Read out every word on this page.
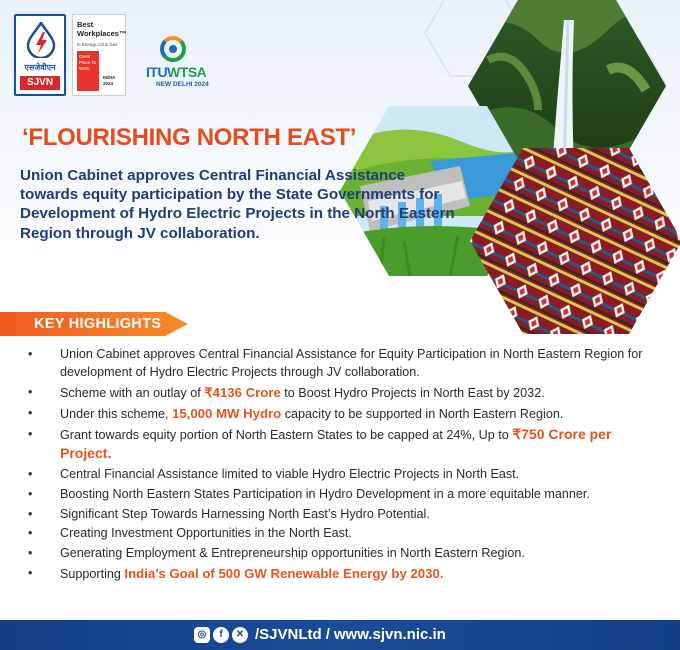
एसजेवीएन
SJVN
Best Workplaces™
in Energy, Oil & Gas
Great Place To Work.
INDIA 2024
ITUWTSA
NEW DELHI 2024
‘FLOURISHING NORTH EAST’
Union Cabinet approves Central Financial Assistance towards equity participation by the State Governments for Development of Hydro Electric Projects in the North Eastern Region through JV collaboration.
KEY HIGHLIGHTS
• Union Cabinet approves Central Financial Assistance for Equity Participation in North Eastern Region for development of Hydro Electric Projects through JV collaboration.
• Scheme with an outlay of ₹4136 Crore to Boost Hydro Projects in North East by 2032.
• Under this scheme, 15,000 MW Hydro capacity to be supported in North Eastern Region.
• Grant towards equity portion of North Eastern States to be capped at 24%, Up to ₹750 Crore per Project.
• Central Financial Assistance limited to viable Hydro Electric Projects in North East.
• Boosting North Eastern States Participation in Hydro Development in a more equitable manner.
• Significant Step Towards Harnessing North East’s Hydro Potential.
• Creating Investment Opportunities in the North East.
• Generating Employment & Entrepreneurship opportunities in North Eastern Region.
• Supporting India’s Goal of 500 GW Renewable Energy by 2030.
◎	f	✕ /SJVNLtd / www.sjvn.nic.in
